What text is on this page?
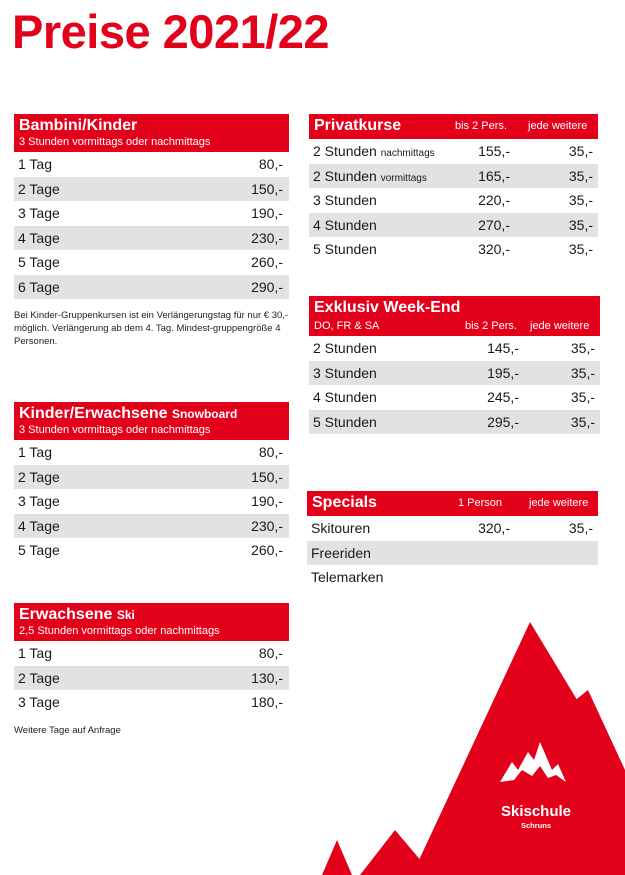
Skischule
Schruns
Preise 2021/22
Bambini/Kinder
3 Stunden vormittags oder nachmittags
1 Tag	80,-
2 Tage	150,-
3 Tage	190,-
4 Tage	230,-
5 Tage	260,-
6 Tage	290,-
Bei Kinder-Gruppenkursen ist ein Verlängerungstag für nur € 30,- möglich. Verlängerung ab dem 4. Tag. Mindest-gruppengröße 4 Personen.
Kinder/Erwachsene Snowboard
3 Stunden vormittags oder nachmittags
1 Tag	80,-
2 Tage	150,-
3 Tage	190,-
4 Tage	230,-
5 Tage	260,-
Erwachsene Ski
2,5 Stunden vormittags oder nachmittags
1 Tag	80,-
2 Tage	130,-
3 Tage	180,-
Weitere Tage auf Anfrage
Privatkurse	bis 2 Pers. jede weitere
2 Stunden nachmittags	155,-	35,-
2 Stunden vormittags	165,-	35,-
3 Stunden	220,-	35,-
4 Stunden	270,-	35,-
5 Stunden	320,-	35,-
Exklusiv Week-End
DO, FR & SA	bis 2 Pers. jede weitere
2 Stunden	145,-	35,-
3 Stunden	195,-	35,-
4 Stunden	245,-	35,-
5 Stunden	295,-	35,-
Specials	1 Person jede weitere
Skitouren	320,-	35,-
Freeriden
Telemarken
